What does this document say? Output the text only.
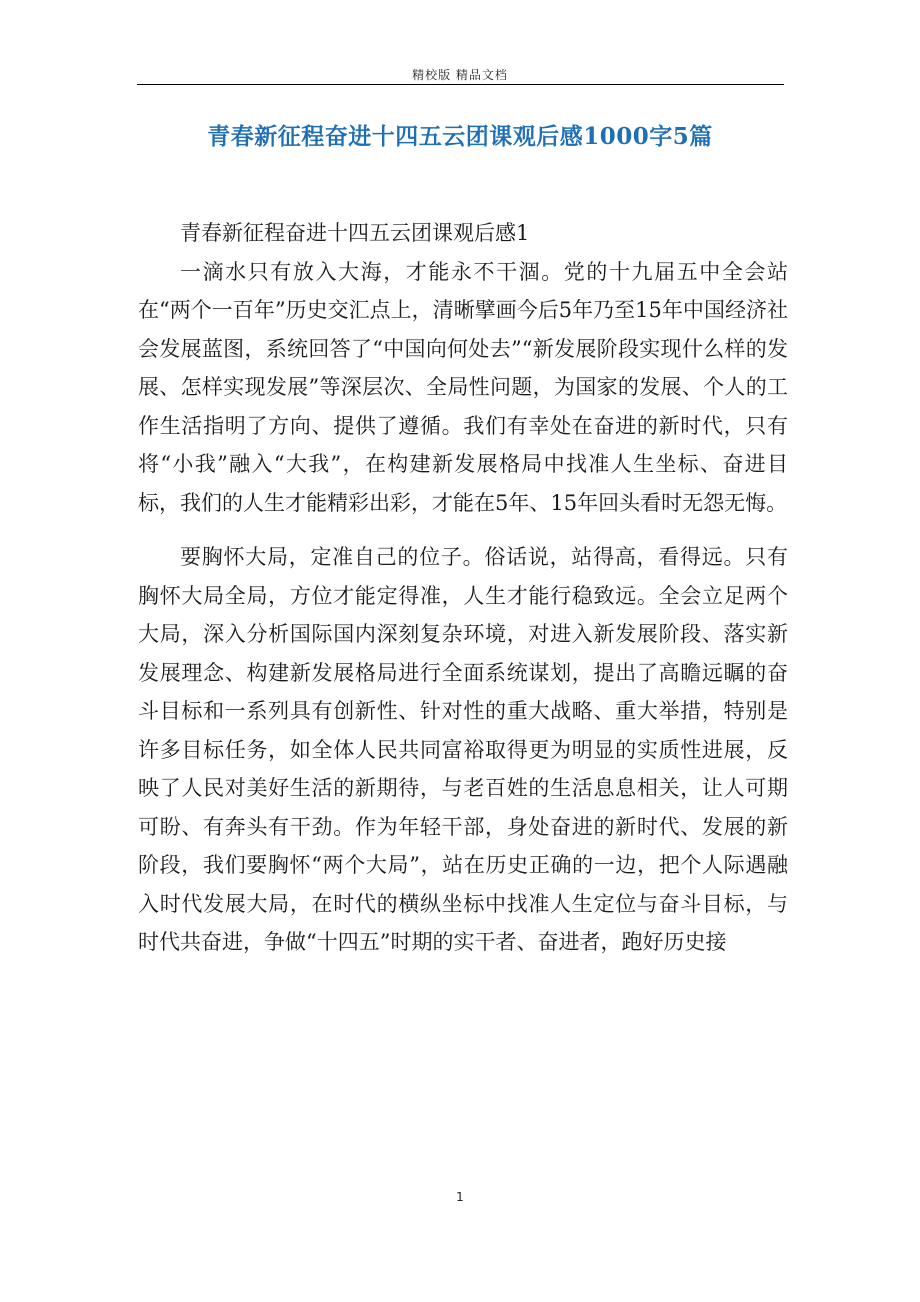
精校版 精品文档
青春新征程奋进十四五云团课观后感1000字5篇

青春新征程奋进十四五云团课观后感1

一滴水只有放入大海，才能永不干涸。党的十九届五中全会站在“两个一百年”历史交汇点上，清晰擘画今后5年乃至15年中国经济社会发展蓝图，系统回答了“中国向何处去”“新发展阶段实现什么样的发展、怎样实现发展”等深层次、全局性问题，为国家的发展、个人的工作生活指明了方向、提供了遵循。我们有幸处在奋进的新时代，只有将“小我”融入“大我”，在构建新发展格局中找准人生坐标、奋进目标，我们的人生才能精彩出彩，才能在5年、15年回头看时无怨无悔。

要胸怀大局，定准自己的位子。俗话说，站得高，看得远。只有胸怀大局全局，方位才能定得准，人生才能行稳致远。全会立足两个大局，深入分析国际国内深刻复杂环境，对进入新发展阶段、落实新发展理念、构建新发展格局进行全面系统谋划，提出了高瞻远瞩的奋斗目标和一系列具有创新性、针对性的重大战略、重大举措，特别是许多目标任务，如全体人民共同富裕取得更为明显的实质性进展，反映了人民对美好生活的新期待，与老百姓的生活息息相关，让人可期可盼、有奔头有干劲。作为年轻干部，身处奋进的新时代、发展的新阶段，我们要胸怀“两个大局”，站在历史正确的一边，把个人际遇融入时代发展大局，在时代的横纵坐标中找准人生定位与奋斗目标，与时代共奋进，争做“十四五”时期的实干者、奋进者，跑好历史接

1
